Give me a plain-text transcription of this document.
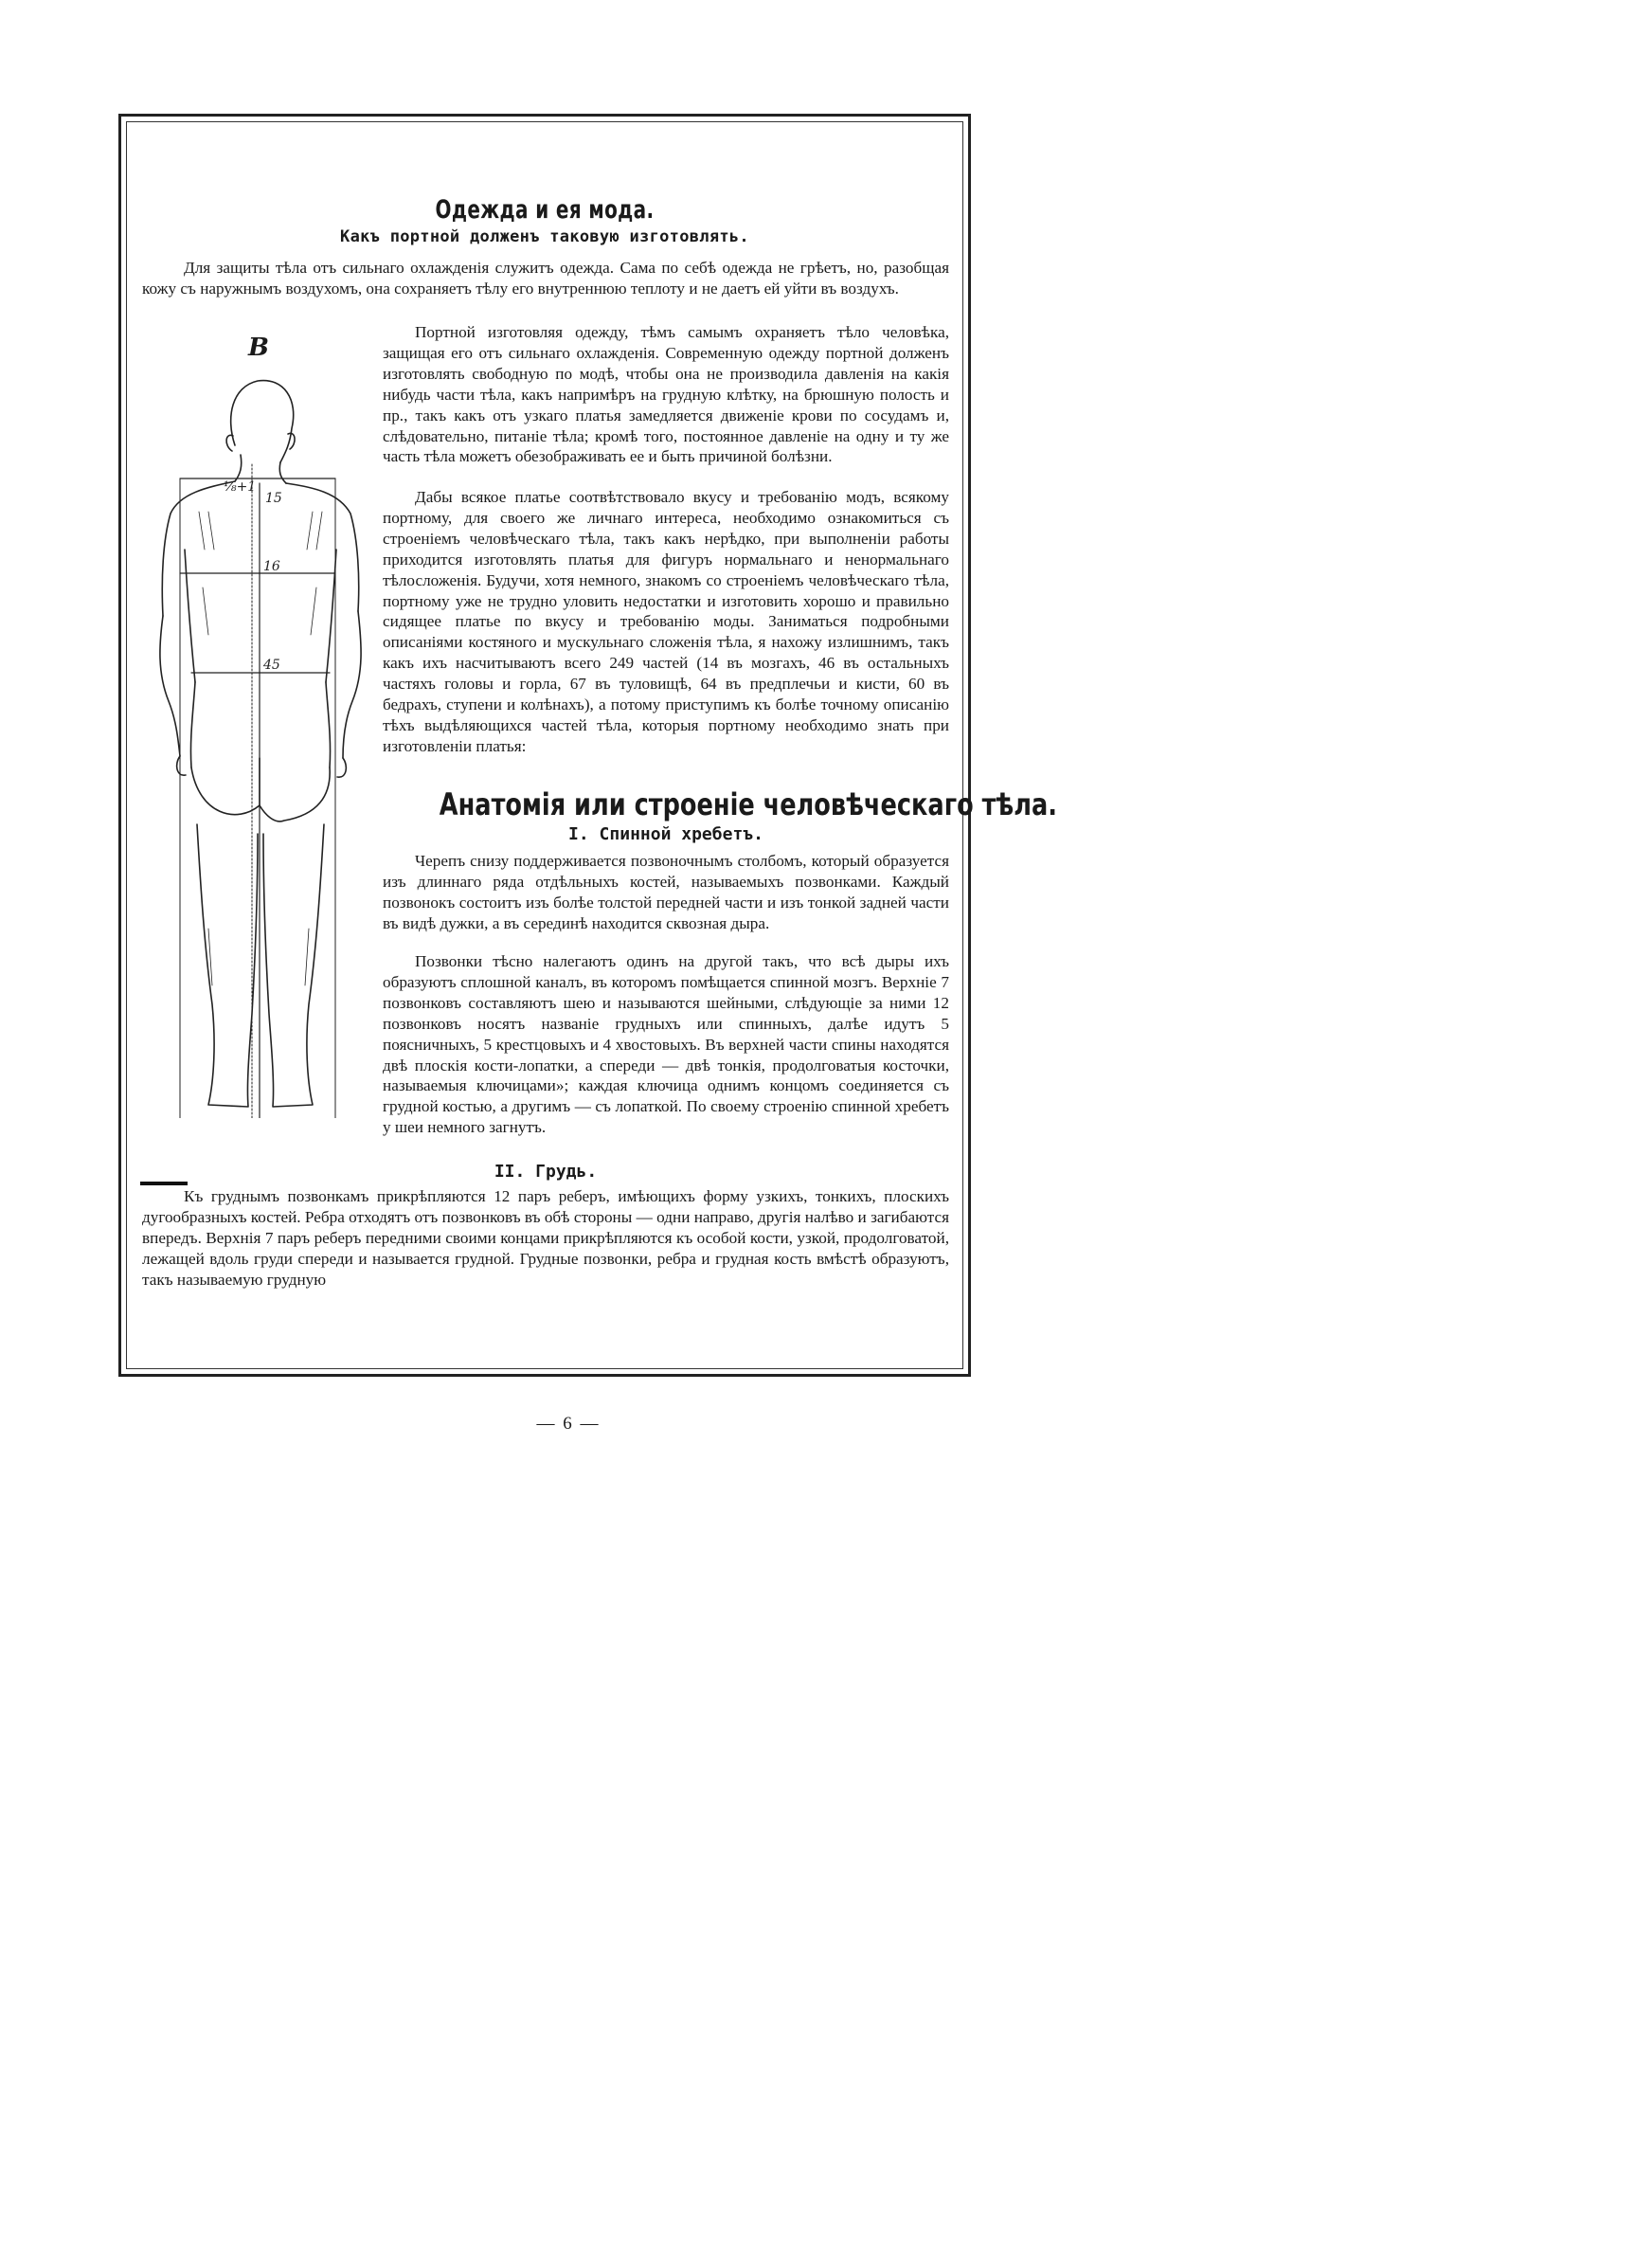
Одежда и ея мода.
Какъ портной долженъ таковую изготовлять.

Для защиты тѣла отъ сильнаго охлажденія служитъ одежда. Сама по себѣ одежда не грѣетъ, но, разобщая кожу съ наружнымъ воздухомъ, она сохраняетъ тѣлу его внутреннюю теплоту и не даетъ ей уйти въ воздухъ.

B
⅛+1
15
16
45

Портной изготовляя одежду, тѣмъ самымъ охраняетъ тѣло человѣка, защищая его отъ сильнаго охлажденія. Современную одежду портной долженъ изготовлять свободную по модѣ, чтобы она не производила давленія на какія нибудь части тѣла, какъ напримѣръ на грудную клѣтку, на брюшную полость и пр., такъ какъ отъ узкаго платья замедляется движеніе крови по сосудамъ и, слѣдовательно, питаніе тѣла; кромѣ того, постоянное давленіе на одну и ту же часть тѣла можетъ обезображивать ее и быть причиной болѣзни.

Дабы всякое платье соотвѣтствовало вкусу и требованію модъ, всякому портному, для своего же личнаго интереса, необходимо ознакомиться съ строеніемъ человѣческаго тѣла, такъ какъ нерѣдко, при выполненіи работы приходится изготовлять платья для фигуръ нормальнаго и ненормальнаго тѣлосложенія. Будучи, хотя немного, знакомъ со строеніемъ человѣческаго тѣла, портному уже не трудно уловить недостатки и изготовить хорошо и правильно сидящее платье по вкусу и требованію моды. Заниматься подробными описаніями костяного и мускульнаго сложенія тѣла, я нахожу излишнимъ, такъ какъ ихъ насчитываютъ всего 249 частей (14 въ мозгахъ, 46 въ остальныхъ частяхъ головы и горла, 67 въ туловищѣ, 64 въ предплечьи и кисти, 60 въ бедрахъ, ступени и колѣнахъ), а потому приступимъ къ болѣе точному описанію тѣхъ выдѣляющихся частей тѣла, которыя портному необходимо знать при изготовленіи платья:

Анатомія или строеніе человѣческаго тѣла.
I. Спинной хребетъ.

Черепъ снизу поддерживается позвоночнымъ столбомъ, который образуется изъ длиннаго ряда отдѣльныхъ костей, называемыхъ позвонками. Каждый позвонокъ состоитъ изъ болѣе толстой передней части и изъ тонкой задней части въ видѣ дужки, а въ серединѣ находится сквозная дыра.

Позвонки тѣсно налегаютъ одинъ на другой такъ, что всѣ дыры ихъ образуютъ сплошной каналъ, въ которомъ помѣщается спинной мозгъ. Верхніе 7 позвонковъ составляютъ шею и называются шейными, слѣдующіе за ними 12 позвонковъ носятъ названіе грудныхъ или спинныхъ, далѣе идутъ 5 поясничныхъ, 5 крестцовыхъ и 4 хвостовыхъ. Въ верхней части спины находятся двѣ плоскія кости-лопатки, а спереди — двѣ тонкія, продолговатыя косточки, называемыя ключицами»; каждая ключица однимъ концомъ соединяется съ грудной костью, а другимъ — съ лопаткой. По своему строенію спинной хребетъ у шеи немного загнутъ.

II. Грудь.

Къ груднымъ позвонкамъ прикрѣпляются 12 паръ реберъ, имѣющихъ форму узкихъ, тонкихъ, плоскихъ дугообразныхъ костей. Ребра отходятъ отъ позвонковъ въ обѣ стороны — одни направо, другія налѣво и загибаются впередъ. Верхнія 7 паръ реберъ передними своими концами прикрѣпляются къ особой кости, узкой, продолговатой, лежащей вдоль груди спереди и называется грудной. Грудные позвонки, ребра и грудная кость вмѣстѣ образуютъ, такъ называемую грудную

— 6 —
